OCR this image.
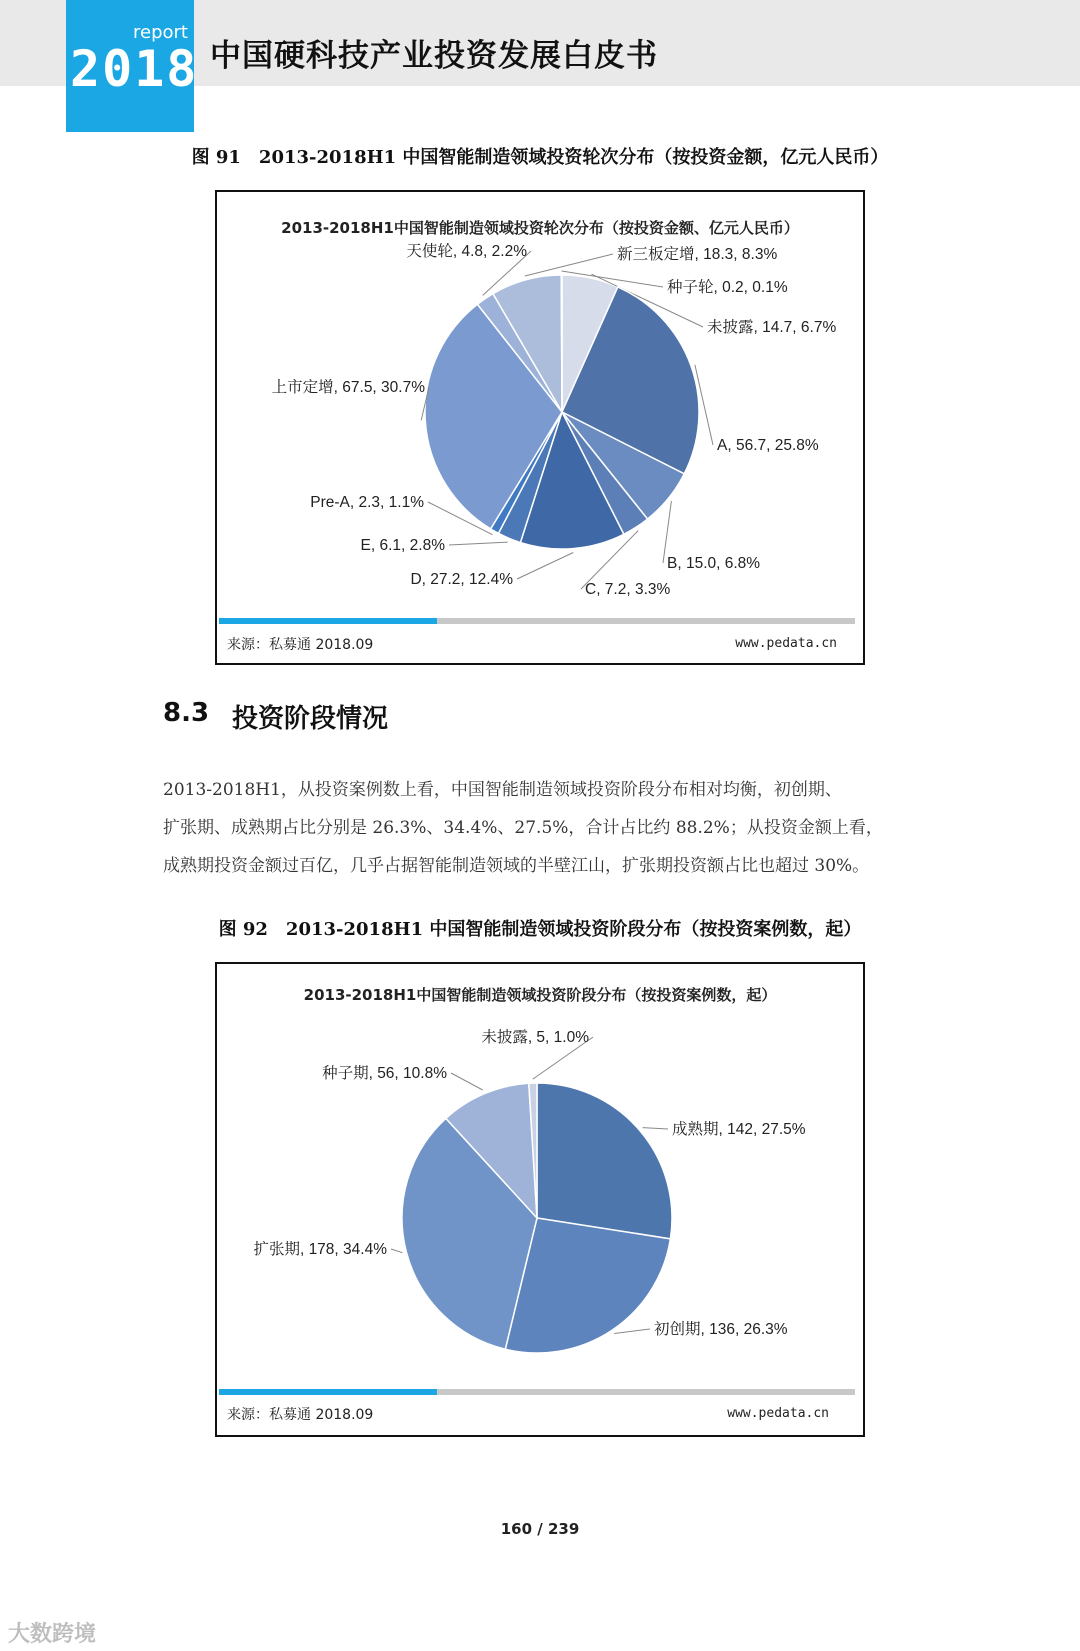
report
2018 中国硬科技产业投资发展白皮书
图 91　2013-2018H1 中国智能制造领域投资轮次分布（按投资金额，亿元人民币）
2013-2018H1中国智能制造领域投资轮次分布（按投资金额、亿元人民币）
未披露, 14.7, 6.7%
A, 56.7, 25.8%
B, 15.0, 6.8%
C, 7.2, 3.3%
D, 27.2, 12.4%
E, 6.1, 2.8%
Pre-A, 2.3, 1.1%
上市定增, 67.5, 30.7%
天使轮, 4.8, 2.2%	新三板定增, 18.3, 8.3%
种子轮, 0.2, 0.1%
来源：私募通 2018.09	www.pedata.cn
8.3 投资阶段情况

2013-2018H1，从投资案例数上看，中国智能制造领域投资阶段分布相对均衡，初创期、

扩张期、成熟期占比分别是 26.3%、34.4%、27.5%，合计占比约 88.2%；从投资金额上看，

成熟期投资金额过百亿，几乎占据智能制造领域的半壁江山，扩张期投资额占比也超过 30%。

图 92　2013-2018H1 中国智能制造领域投资阶段分布（按投资案例数，起）
2013-2018H1中国智能制造领域投资阶段分布（按投资案例数，起）
成熟期, 142, 27.5%
初创期, 136, 26.3%
扩张期, 178, 34.4%
种子期, 56, 10.8%
未披露, 5, 1.0%
来源：私募通 2018.09	www.pedata.cn
160 / 239
大数跨境
